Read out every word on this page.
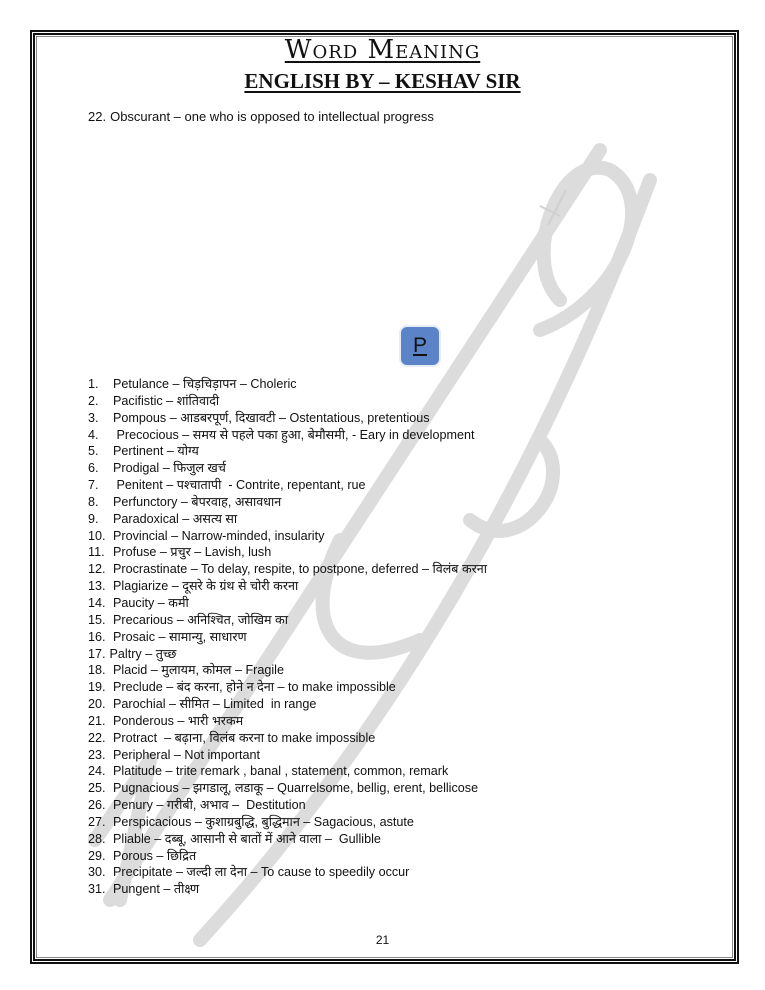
Word Meaning
ENGLISH BY – KESHAV SIR
22. Obscurant – one who is opposed to intellectual progress
P
1.	Petulance – चिड़चिड़ापन – Choleric
2.	Pacifistic – शांतिवादी
3.	Pompous – आडबरपूर्ण, दिखावटी – Ostentatious, pretentious
4.	Precocious – समय से पहले पका हुआ, बेमौसमी, - Eary in development
5.	Pertinent – योग्य
6.	Prodigal – फिजुल खर्च
7.	Penitent – पश्चातापी  - Contrite, repentant, rue
8.	Perfunctory – बेपरवाह, असावधान
9.	Paradoxical – असत्य सा
10. Provincial – Narrow-minded, insularity
11. Profuse – प्रचुर – Lavish, lush
12. Procrastinate – To delay, respite, to postpone, deferred – विलंब करना
13. Plagiarize – दूसरे के ग्रंथ से चोरी करना
14. Paucity – कमी
15. Precarious – अनिश्चित, जोखिम का
16. Prosaic – सामान्यु, साधारण
17. Paltry – तुच्छ
18. Placid – मुलायम, कोमल – Fragile
19. Preclude – बंद करना, होने न देना – to make impossible
20. Parochial – सीमित – Limited  in range
21. Ponderous – भारी भरकम
22. Protract  – बढ़ाना, विलंब करना to make impossible
23. Peripheral – Not important
24. Platitude – trite remark , banal , statement, common, remark
25. Pugnacious – झगडालू, लडाकू – Quarrelsome, bellig, erent, bellicose
26. Penury – गरीबी, अभाव –  Destitution
27. Perspicacious – कुशाग्रबुद्धि, बुद्धिमान – Sagacious, astute
28. Pliable – दब्बू, आसानी से बातों में आने वाला –  Gullible
29. Porous – छिद्रित
30. Precipitate – जल्दी ला देना – To cause to speedily occur
31. Pungent – तीक्ष्ण
21
